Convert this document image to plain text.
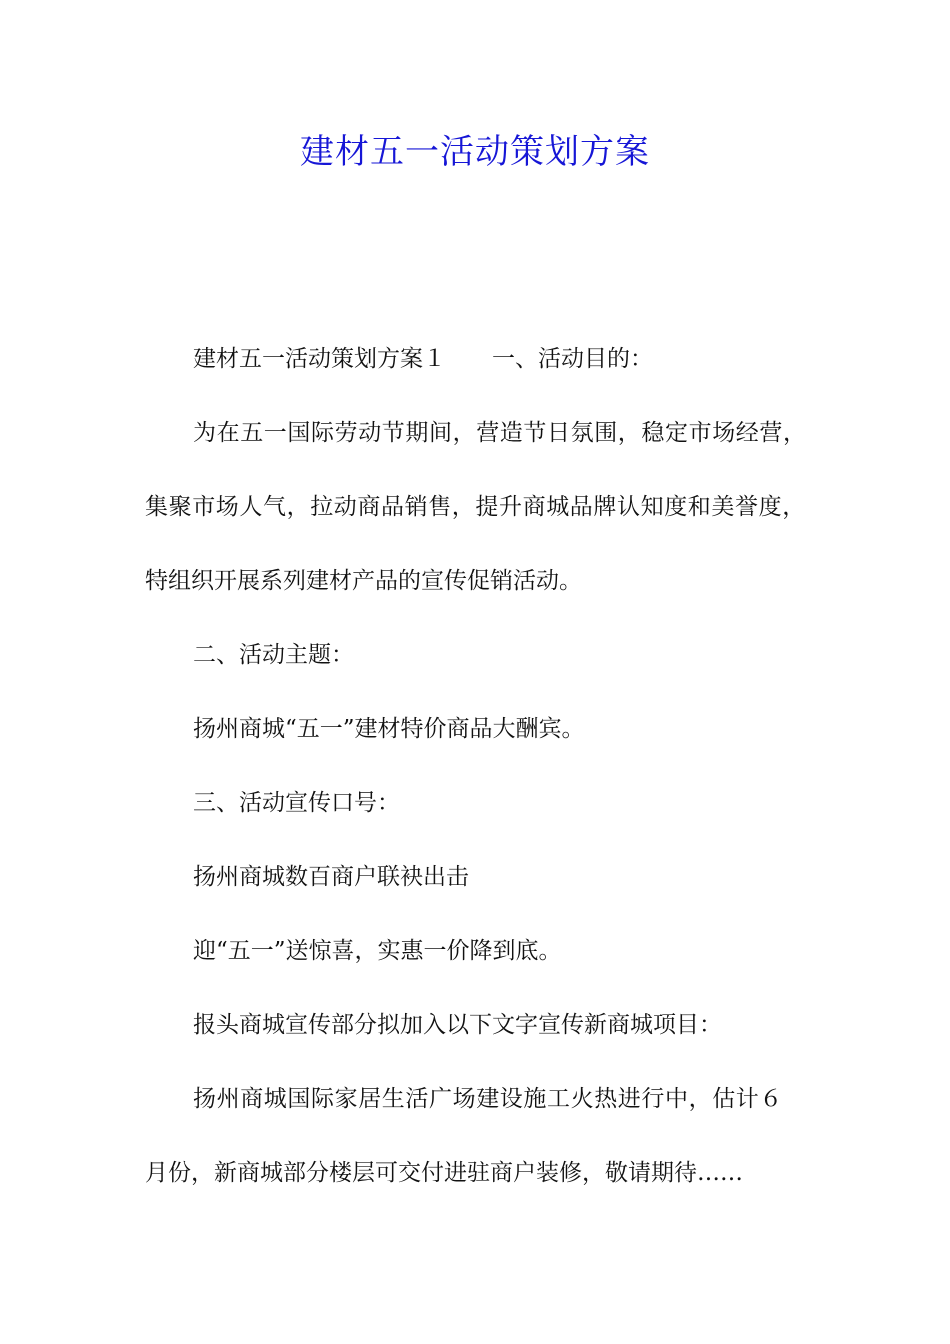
建材五一活动策划方案
建材五一活动策划方案１　　一、活动目的：
为在五一国际劳动节期间，营造节日氛围，稳定市场经营，
集聚市场人气，拉动商品销售，提升商城品牌认知度和美誉度，
特组织开展系列建材产品的宣传促销活动。
二、活动主题：
扬州商城“五一”建材特价商品大酬宾。
三、活动宣传口号：
扬州商城数百商户联袂出击
迎“五一”送惊喜，实惠一价降到底。
报头商城宣传部分拟加入以下文字宣传新商城项目：
扬州商城国际家居生活广场建设施工火热进行中，估计６
月份，新商城部分楼层可交付进驻商户装修，敬请期待……
